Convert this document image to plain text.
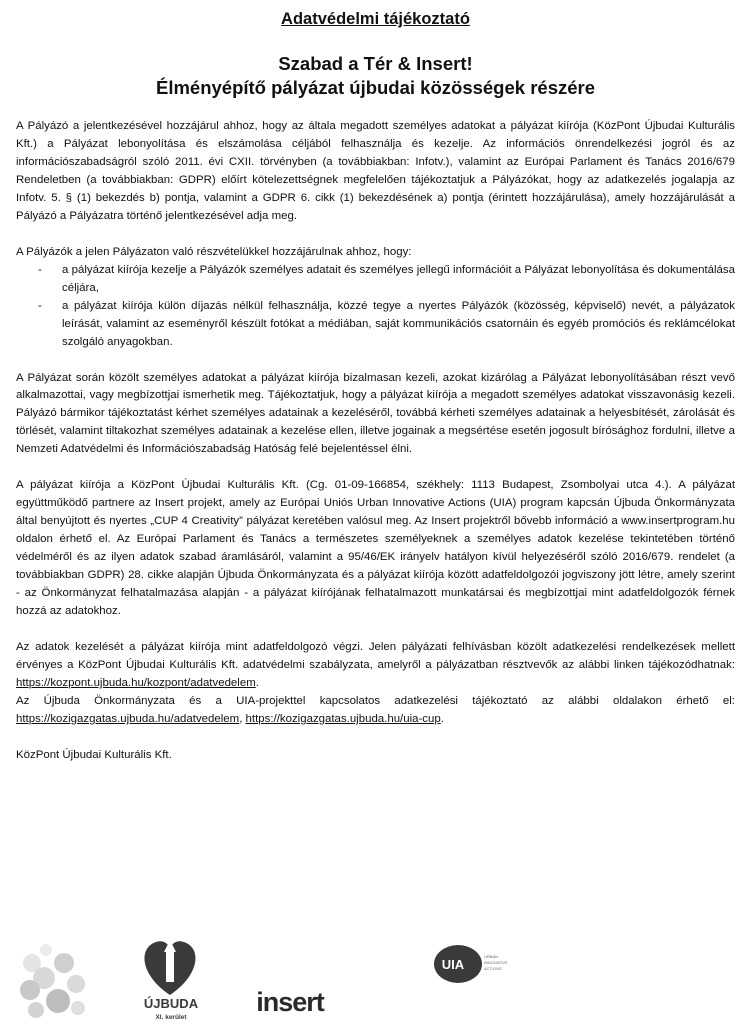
Adatvédelmi tájékoztató
Szabad a Tér & Insert!
Élményépítő pályázat újbudai közösségek részére

A Pályázó a jelentkezésével hozzájárul ahhoz, hogy az általa megadott személyes adatokat a pályázat kiírója (KözPont Újbudai Kulturális Kft.) a Pályázat lebonyolítása és elszámolása céljából felhasználja és kezelje. Az információs önrendelkezési jogról és az információszabadságról szóló 2011. évi CXII. törvényben (a továbbiakban: Infotv.), valamint az Európai Parlament és Tanács 2016/679 Rendeletben (a továbbiakban: GDPR) előírt kötelezettségnek megfelelően tájékoztatjuk a Pályázókat, hogy az adatkezelés jogalapja az Infotv. 5. § (1) bekezdés b) pontja, valamint a GDPR 6. cikk (1) bekezdésének a) pontja (érintett hozzájárulása), amely hozzájárulását a Pályázó a Pályázatra történő jelentkezésével adja meg.

A Pályázók a jelen Pályázaton való részvételükkel hozzájárulnak ahhoz, hogy:

- a pályázat kiírója kezelje a Pályázók személyes adatait és személyes jellegű információit a Pályázat lebonyolítása és dokumentálása céljára,
- a pályázat kiírója külön díjazás nélkül felhasználja, közzé tegye a nyertes Pályázók (közösség, képviselő) nevét, a pályázatok leírását, valamint az eseményről készült fotókat a médiában, saját kommunikációs csatornáin és egyéb promóciós és reklámcélokat szolgáló anyagokban.

A Pályázat során közölt személyes adatokat a pályázat kiírója bizalmasan kezeli, azokat kizárólag a Pályázat lebonyolításában részt vevő alkalmazottai, vagy megbízottjai ismerhetik meg. Tájékoztatjuk, hogy a pályázat kiírója a megadott személyes adatokat visszavonásig kezeli. Pályázó bármikor tájékoztatást kérhet személyes adatainak a kezeléséről, továbbá kérheti személyes adatainak a helyesbítését, zárolását és törlését, valamint tiltakozhat személyes adatainak a kezelése ellen, illetve jogainak a megsértése esetén jogosult bírósághoz fordulni, illetve a Nemzeti Adatvédelmi és Információszabadság Hatóság felé bejelentéssel élni.

A pályázat kiírója a KözPont Újbudai Kulturális Kft. (Cg. 01-09-166854, székhely: 1113 Budapest, Zsombolyai utca 4.). A pályázat együttműködő partnere az Insert projekt, amely az Európai Uniós Urban Innovative Actions (UIA) program kapcsán Újbuda Önkormányzata által benyújtott és nyertes „CUP 4 Creativity” pályázat keretében valósul meg. Az Insert projektről bővebb információ a www.insertprogram.hu oldalon érhető el. Az Európai Parlament és Tanács a természetes személyeknek a személyes adatok kezelése tekintetében történő védelméről és az ilyen adatok szabad áramlásáról, valamint a 95/46/EK irányelv hatályon kívül helyezéséről szóló 2016/679. rendelet (a továbbiakban GDPR) 28. cikke alapján Újbuda Önkormányzata és a pályázat kiírója között adatfeldolgozói jogviszony jött létre, amely szerint - az Önkormányzat felhatalmazása alapján - a pályázat kiírójának felhatalmazott munkatársai és megbízottjai mint adatfeldolgozók férnek hozzá az adatokhoz.

Az adatok kezelését a pályázat kiírója mint adatfeldolgozó végzi. Jelen pályázati felhívásban közölt adatkezelési rendelkezések mellett érvényes a KözPont Újbudai Kulturális Kft. adatvédelmi szabályzata, amelyről a pályázatban résztvevők az alábbi linken tájékozódhatnak: https://kozpont.ujbuda.hu/kozpont/adatvedelem.

Az Újbuda Önkormányzata és a UIA-projekttel kapcsolatos adatkezelési tájékoztató az alábbi oldalakon érhető el: https://kozigazgatas.ujbuda.hu/adatvedelem, https://kozigazgatas.ujbuda.hu/uia-cup.

KözPont Újbudai Kulturális Kft.

ÚJBUDA
XI. kerület
insert
UIA
URBAN
INNOVATIVE
ACTIONS
